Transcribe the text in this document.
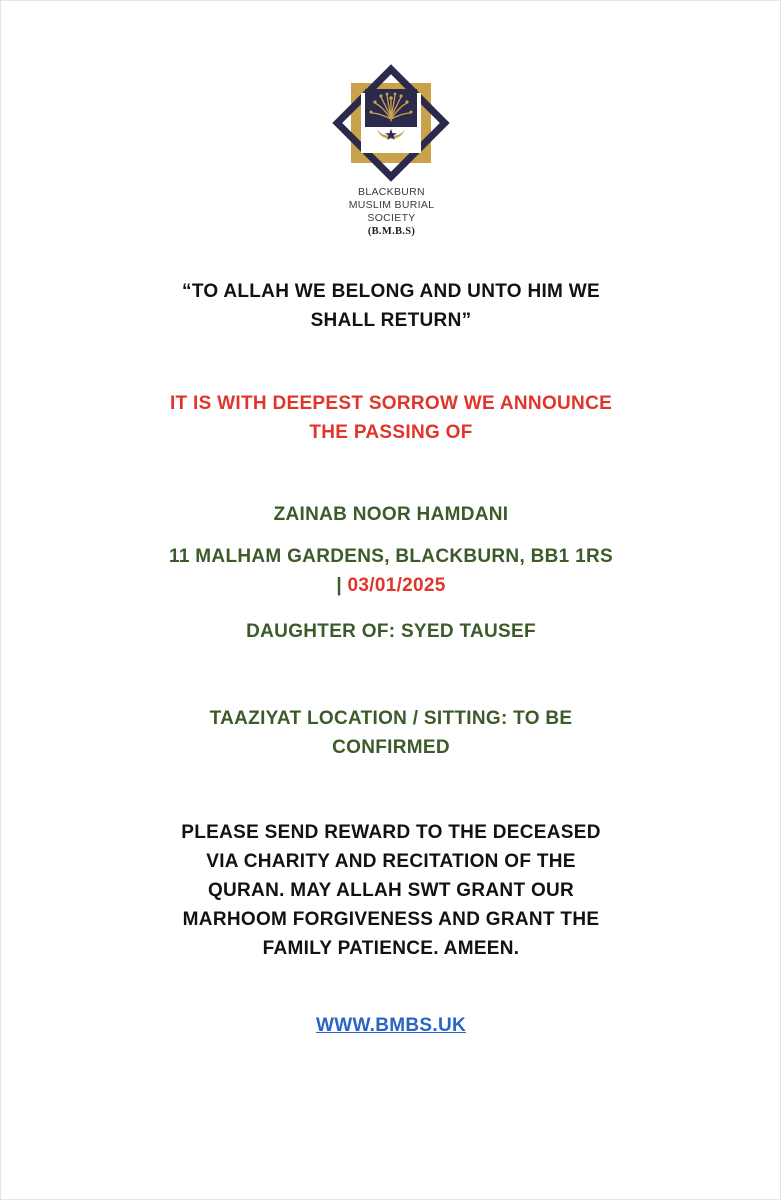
BLACKBURN
MUSLIM BURIAL
SOCIETY
(B.M.B.S)
“TO ALLAH WE BELONG AND UNTO HIM WE
SHALL RETURN”
IT IS WITH DEEPEST SORROW WE ANNOUNCE
THE PASSING OF
ZAINAB NOOR HAMDANI
11 MALHAM GARDENS, BLACKBURN, BB1 1RS
| 03/01/2025
DAUGHTER OF: SYED TAUSEF
TAAZIYAT LOCATION / SITTING: TO BE
CONFIRMED
PLEASE SEND REWARD TO THE DECEASED
VIA CHARITY AND RECITATION OF THE
QURAN. MAY ALLAH SWT GRANT OUR
MARHOOM FORGIVENESS AND GRANT THE
FAMILY PATIENCE. AMEEN.
WWW.BMBS.UK
